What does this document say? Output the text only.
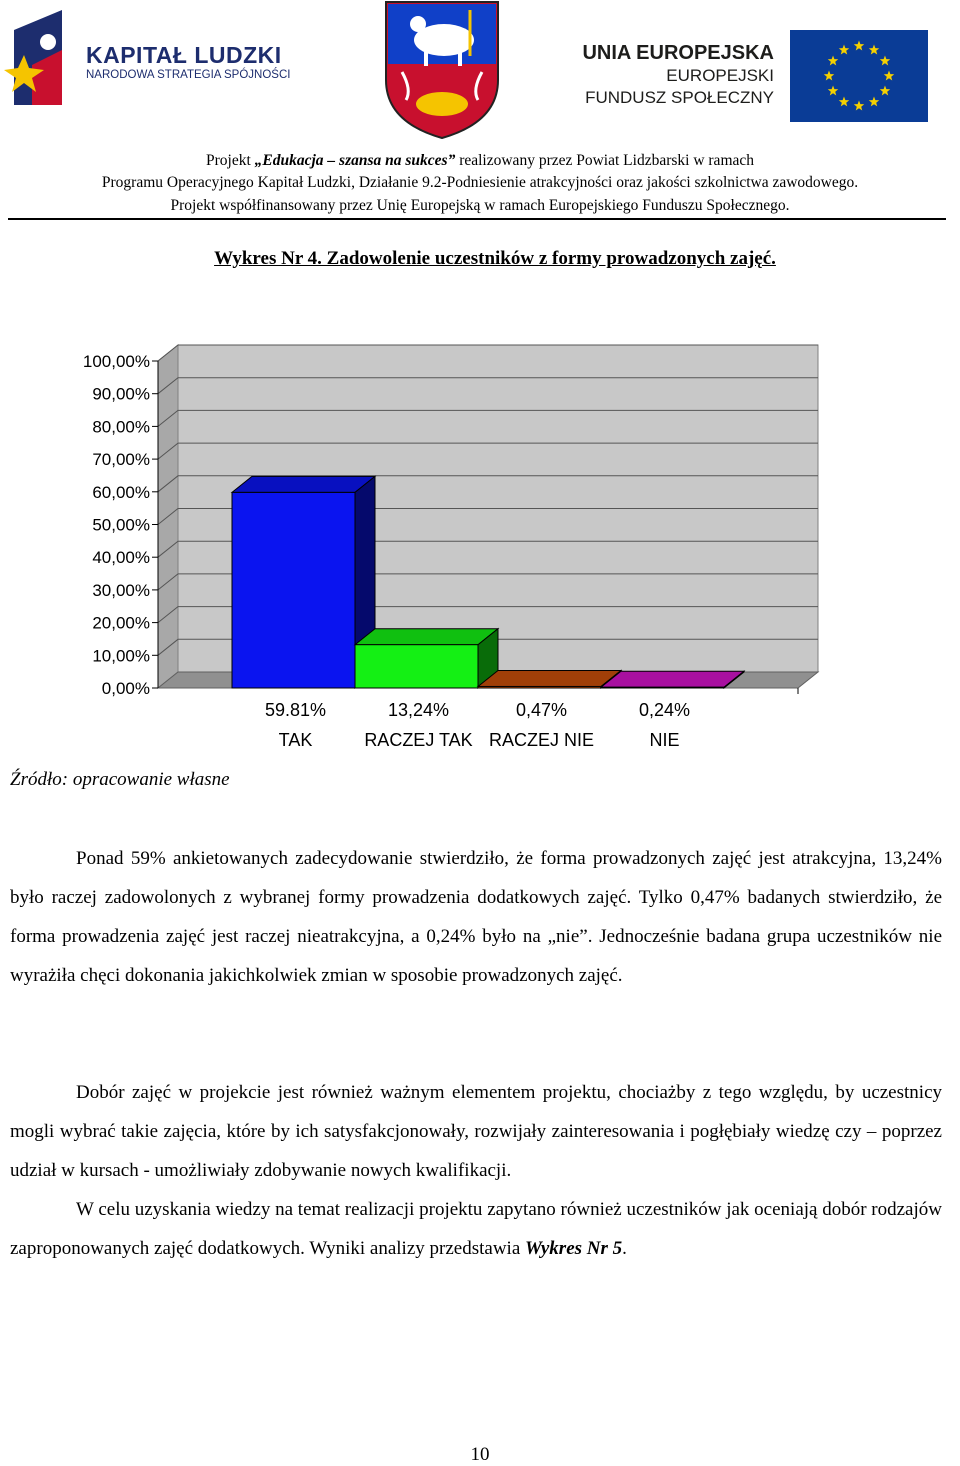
KAPITAŁ LUDZKI
NARODOWA STRATEGIA SPÓJNOŚCI
UNIA EUROPEJSKA
EUROPEJSKI
FUNDUSZ SPOŁECZNY
Projekt „Edukacja – szansa na sukces” realizowany przez Powiat Lidzbarski w ramach
Programu Operacyjnego Kapitał Ludzki, Działanie 9.2-Podniesienie atrakcyjności oraz jakości szkolnictwa zawodowego.
Projekt współfinansowany przez Unię Europejską w ramach Europejskiego Funduszu Społecznego.
Wykres Nr 4. Zadowolenie uczestników z formy prowadzonych zajęć.
0,00%
10,00%
20,00%
30,00%
40,00%
50,00%
60,00%
70,00%
80,00%
90,00%
100,00%
59.81%
TAK
13,24%
RACZEJ TAK
0,47%
RACZEJ NIE
0,24%
NIE
Źródło: opracowanie własne

Ponad 59% ankietowanych zadecydowanie stwierdziło, że forma prowadzonych zajęć jest atrakcyjna, 13,24% było raczej zadowolonych z wybranej formy prowadzenia dodatkowych zajęć. Tylko 0,47% badanych stwierdziło, że forma prowadzenia zajęć jest raczej nieatrakcyjna, a 0,24% było na „nie”. Jednocześnie badana grupa uczestników nie wyrażiła chęci dokonania jakichkolwiek zmian w sposobie prowadzonych zajęć.

Dobór zajęć w projekcie jest również ważnym elementem projektu, chociażby z tego względu, by uczestnicy mogli wybrać takie zajęcia, które by ich satysfakcjonowały, rozwijały zainteresowania i pogłębiały wiedzę czy – poprzez udział w kursach - umożliwiały zdobywanie nowych kwalifikacji.

W celu uzyskania wiedzy na temat realizacji projektu zapytano również uczestników jak oceniają dobór rodzajów zaproponowanych zajęć dodatkowych. Wyniki analizy przedstawia Wykres Nr 5.

10
